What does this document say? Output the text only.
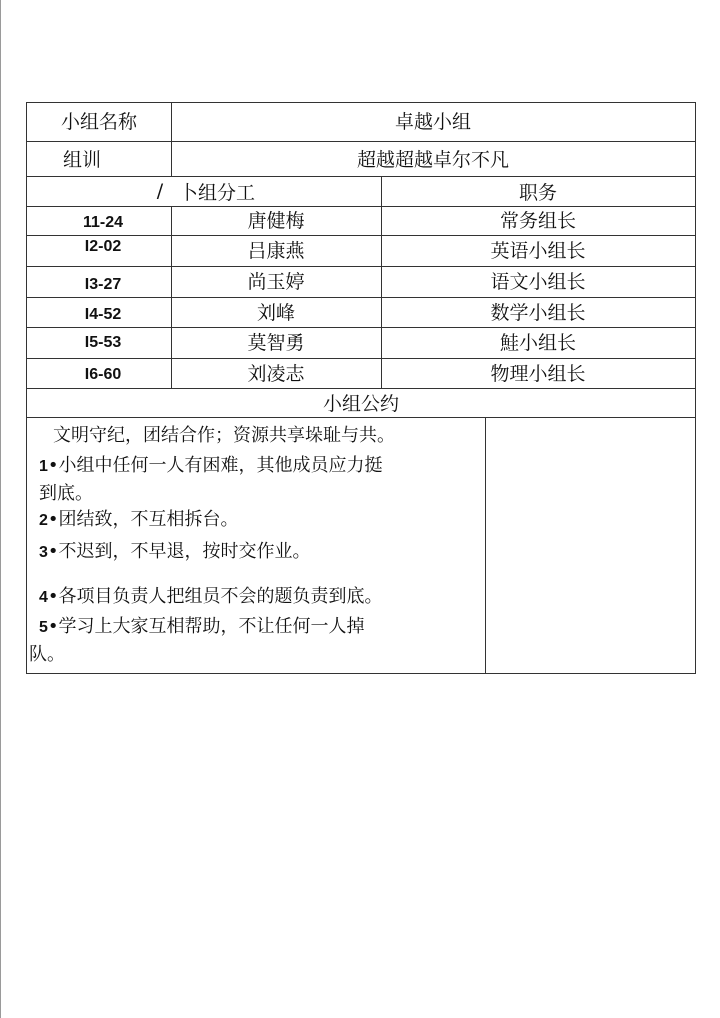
小组名称	卓越小组
组训	超越超越卓尔不凡
/ 卜组分工	职务
11-24	唐健梅	常务组长
I2-02	吕康燕	英语小组长
I3-27	尚玉婷	语文小组长
I4-52	刘峰	数学小组长
I5-53	莫智勇	鮭小组长
I6-60	刘凌志	物理小组长
小组公约
文明守纪，团结合作；资源共享垛耻与共。
1•小组中任何一人有困难，其他成员应力挺
到底。
2•团结致，不互相拆台。
3•不迟到，不早退，按时交作业。
4•各项目负责人把组员不会的题负责到底。
5•学习上大家互相帮助，不让任何一人掉
队。
